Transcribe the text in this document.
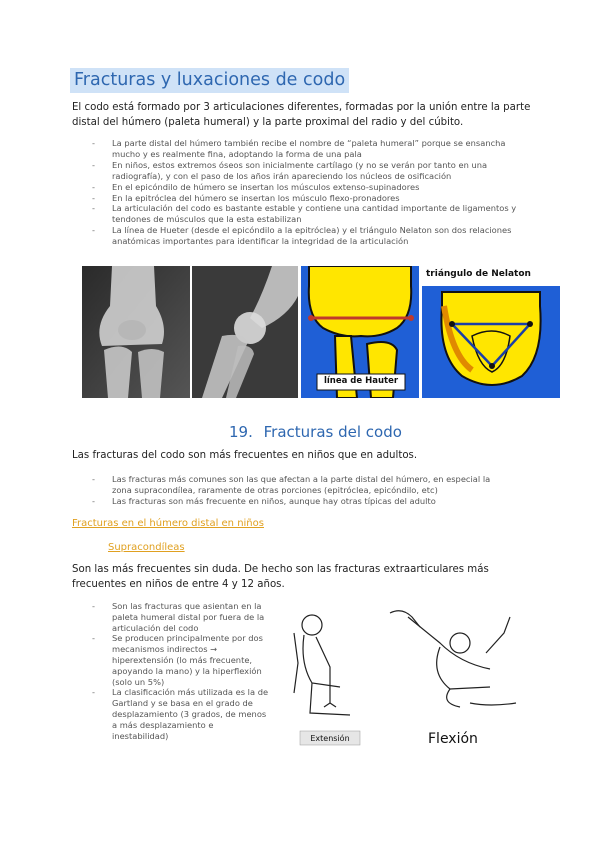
Fracturas y luxaciones de codo
El codo está formado por 3 articulaciones diferentes, formadas por la unión entre la parte distal del húmero (paleta humeral) y la parte proximal del radio y del cúbito.
- La parte distal del húmero también recibe el nombre de “paleta humeral” porque se ensancha mucho y es realmente fina, adoptando la forma de una pala
- En niños, estos extremos óseos son inicialmente cartílago (y no se verán por tanto en una radiografía), y con el paso de los años irán apareciendo los núcleos de osificación
- En el epicóndilo de húmero se insertan los músculos extenso-supinadores
- En la epitróclea del húmero se insertan los músculo flexo-pronadores
- La articulación del codo es bastante estable y contiene una cantidad importante de ligamentos y tendones de músculos que la esta estabilizan
- La línea de Hueter (desde el epicóndilo a la epitróclea) y el triángulo Nelaton son dos relaciones anatómicas importantes para identificar la integridad de la articulación
línea de Hauter
triángulo de Nelaton
19. Fracturas del codo
Las fracturas del codo son más frecuentes en niños que en adultos.
- Las fracturas más comunes son las que afectan a la parte distal del húmero, en especial la zona supracondílea, raramente de otras porciones (epitróclea, epicóndilo, etc)
- Las fracturas son más frecuente en niños, aunque hay otras típicas del adulto
Fracturas en el húmero distal en niños
Supracondíleas
Son las más frecuentes sin duda. De hecho son las fracturas extraarticulares más frecuentes en niños de entre 4 y 12 años.
- Son las fracturas que asientan en la paleta humeral distal por fuera de la articulación del codo
- Se producen principalmente por dos mecanismos indirectos → hiperextensión (lo más frecuente, apoyando la mano) y la hiperflexión (solo un 5%)
- La clasificación más utilizada es la de Gartland y se basa en el grado de desplazamiento (3 grados, de menos a más desplazamiento e inestabilidad)	Extensión	Flexión
